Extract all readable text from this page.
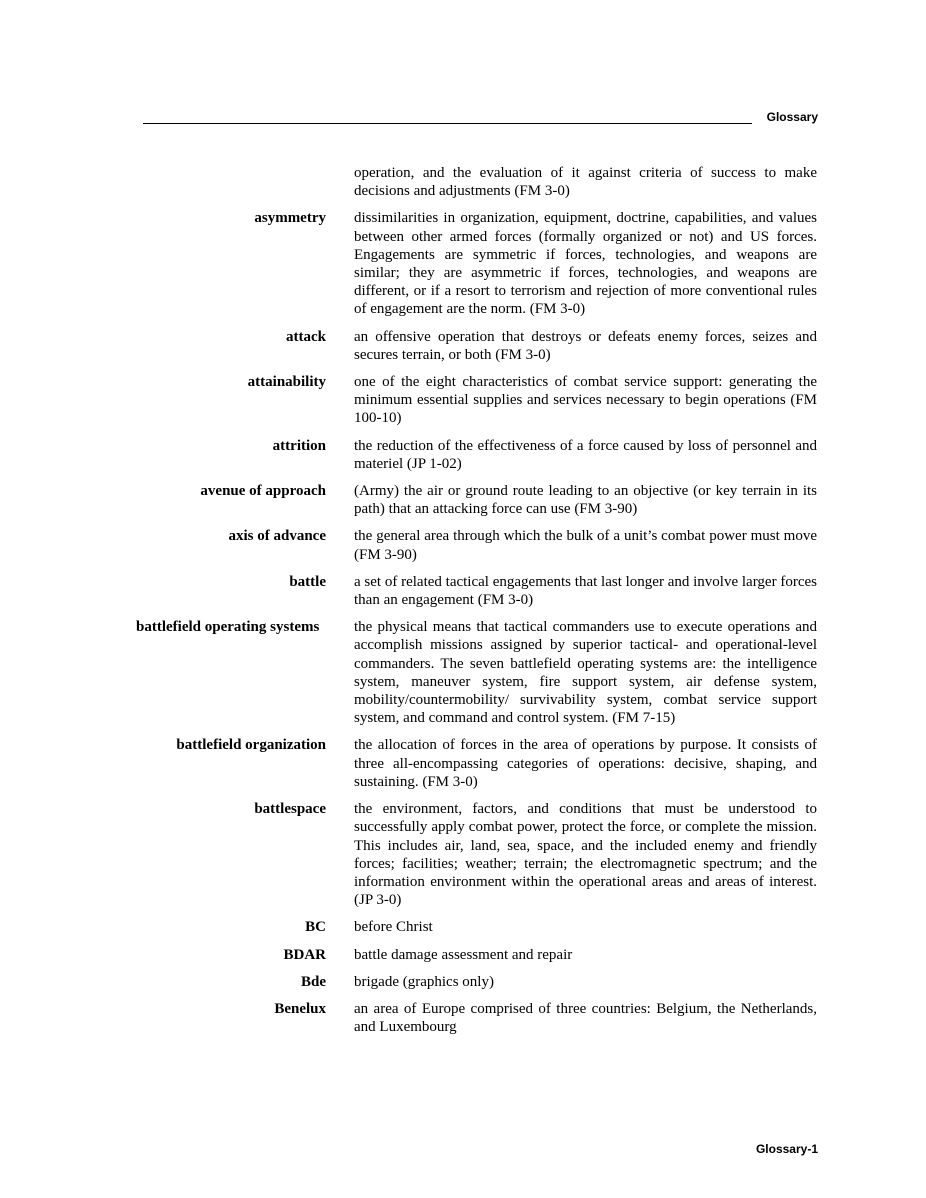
Glossary
operation, and the evaluation of it against criteria of success to make decisions and adjustments (FM 3-0)
asymmetry dissimilarities in organization, equipment, doctrine, capabilities, and values between other armed forces (formally organized or not) and US forces. Engagements are symmetric if forces, technologies, and weapons are similar; they are asymmetric if forces, technologies, and weapons are different, or if a resort to terrorism and rejection of more conventional rules of engagement are the norm. (FM 3-0)
attack an offensive operation that destroys or defeats enemy forces, seizes and secures terrain, or both (FM 3-0)
attainability one of the eight characteristics of combat service support: generating the minimum essential supplies and services necessary to begin operations (FM 100-10)
attrition the reduction of the effectiveness of a force caused by loss of personnel and materiel (JP 1-02)
avenue of approach (Army) the air or ground route leading to an objective (or key terrain in its path) that an attacking force can use (FM 3-90)
axis of advance the general area through which the bulk of a unit’s combat power must move (FM 3-90)
battle a set of related tactical engagements that last longer and involve larger forces than an engagement (FM 3-0)
battlefield operating systems the physical means that tactical commanders use to execute operations and accomplish missions assigned by superior tactical- and operational-level commanders. The seven battlefield operating systems are: the intelligence system, maneuver system, fire support system, air defense system, mobility/countermobility/ survivability system, combat service support system, and command and control system. (FM 7-15)
battlefield organization the allocation of forces in the area of operations by purpose. It consists of three all-encompassing categories of operations: decisive, shaping, and sustaining. (FM 3-0)
battlespace the environment, factors, and conditions that must be understood to successfully apply combat power, protect the force, or complete the mission. This includes air, land, sea, space, and the included enemy and friendly forces; facilities; weather; terrain; the electromagnetic spectrum; and the information environment within the operational areas and areas of interest. (JP 3-0)
BC before Christ
BDAR battle damage assessment and repair
Bde brigade (graphics only)
Benelux an area of Europe comprised of three countries: Belgium, the Netherlands, and Luxembourg
Glossary-1
